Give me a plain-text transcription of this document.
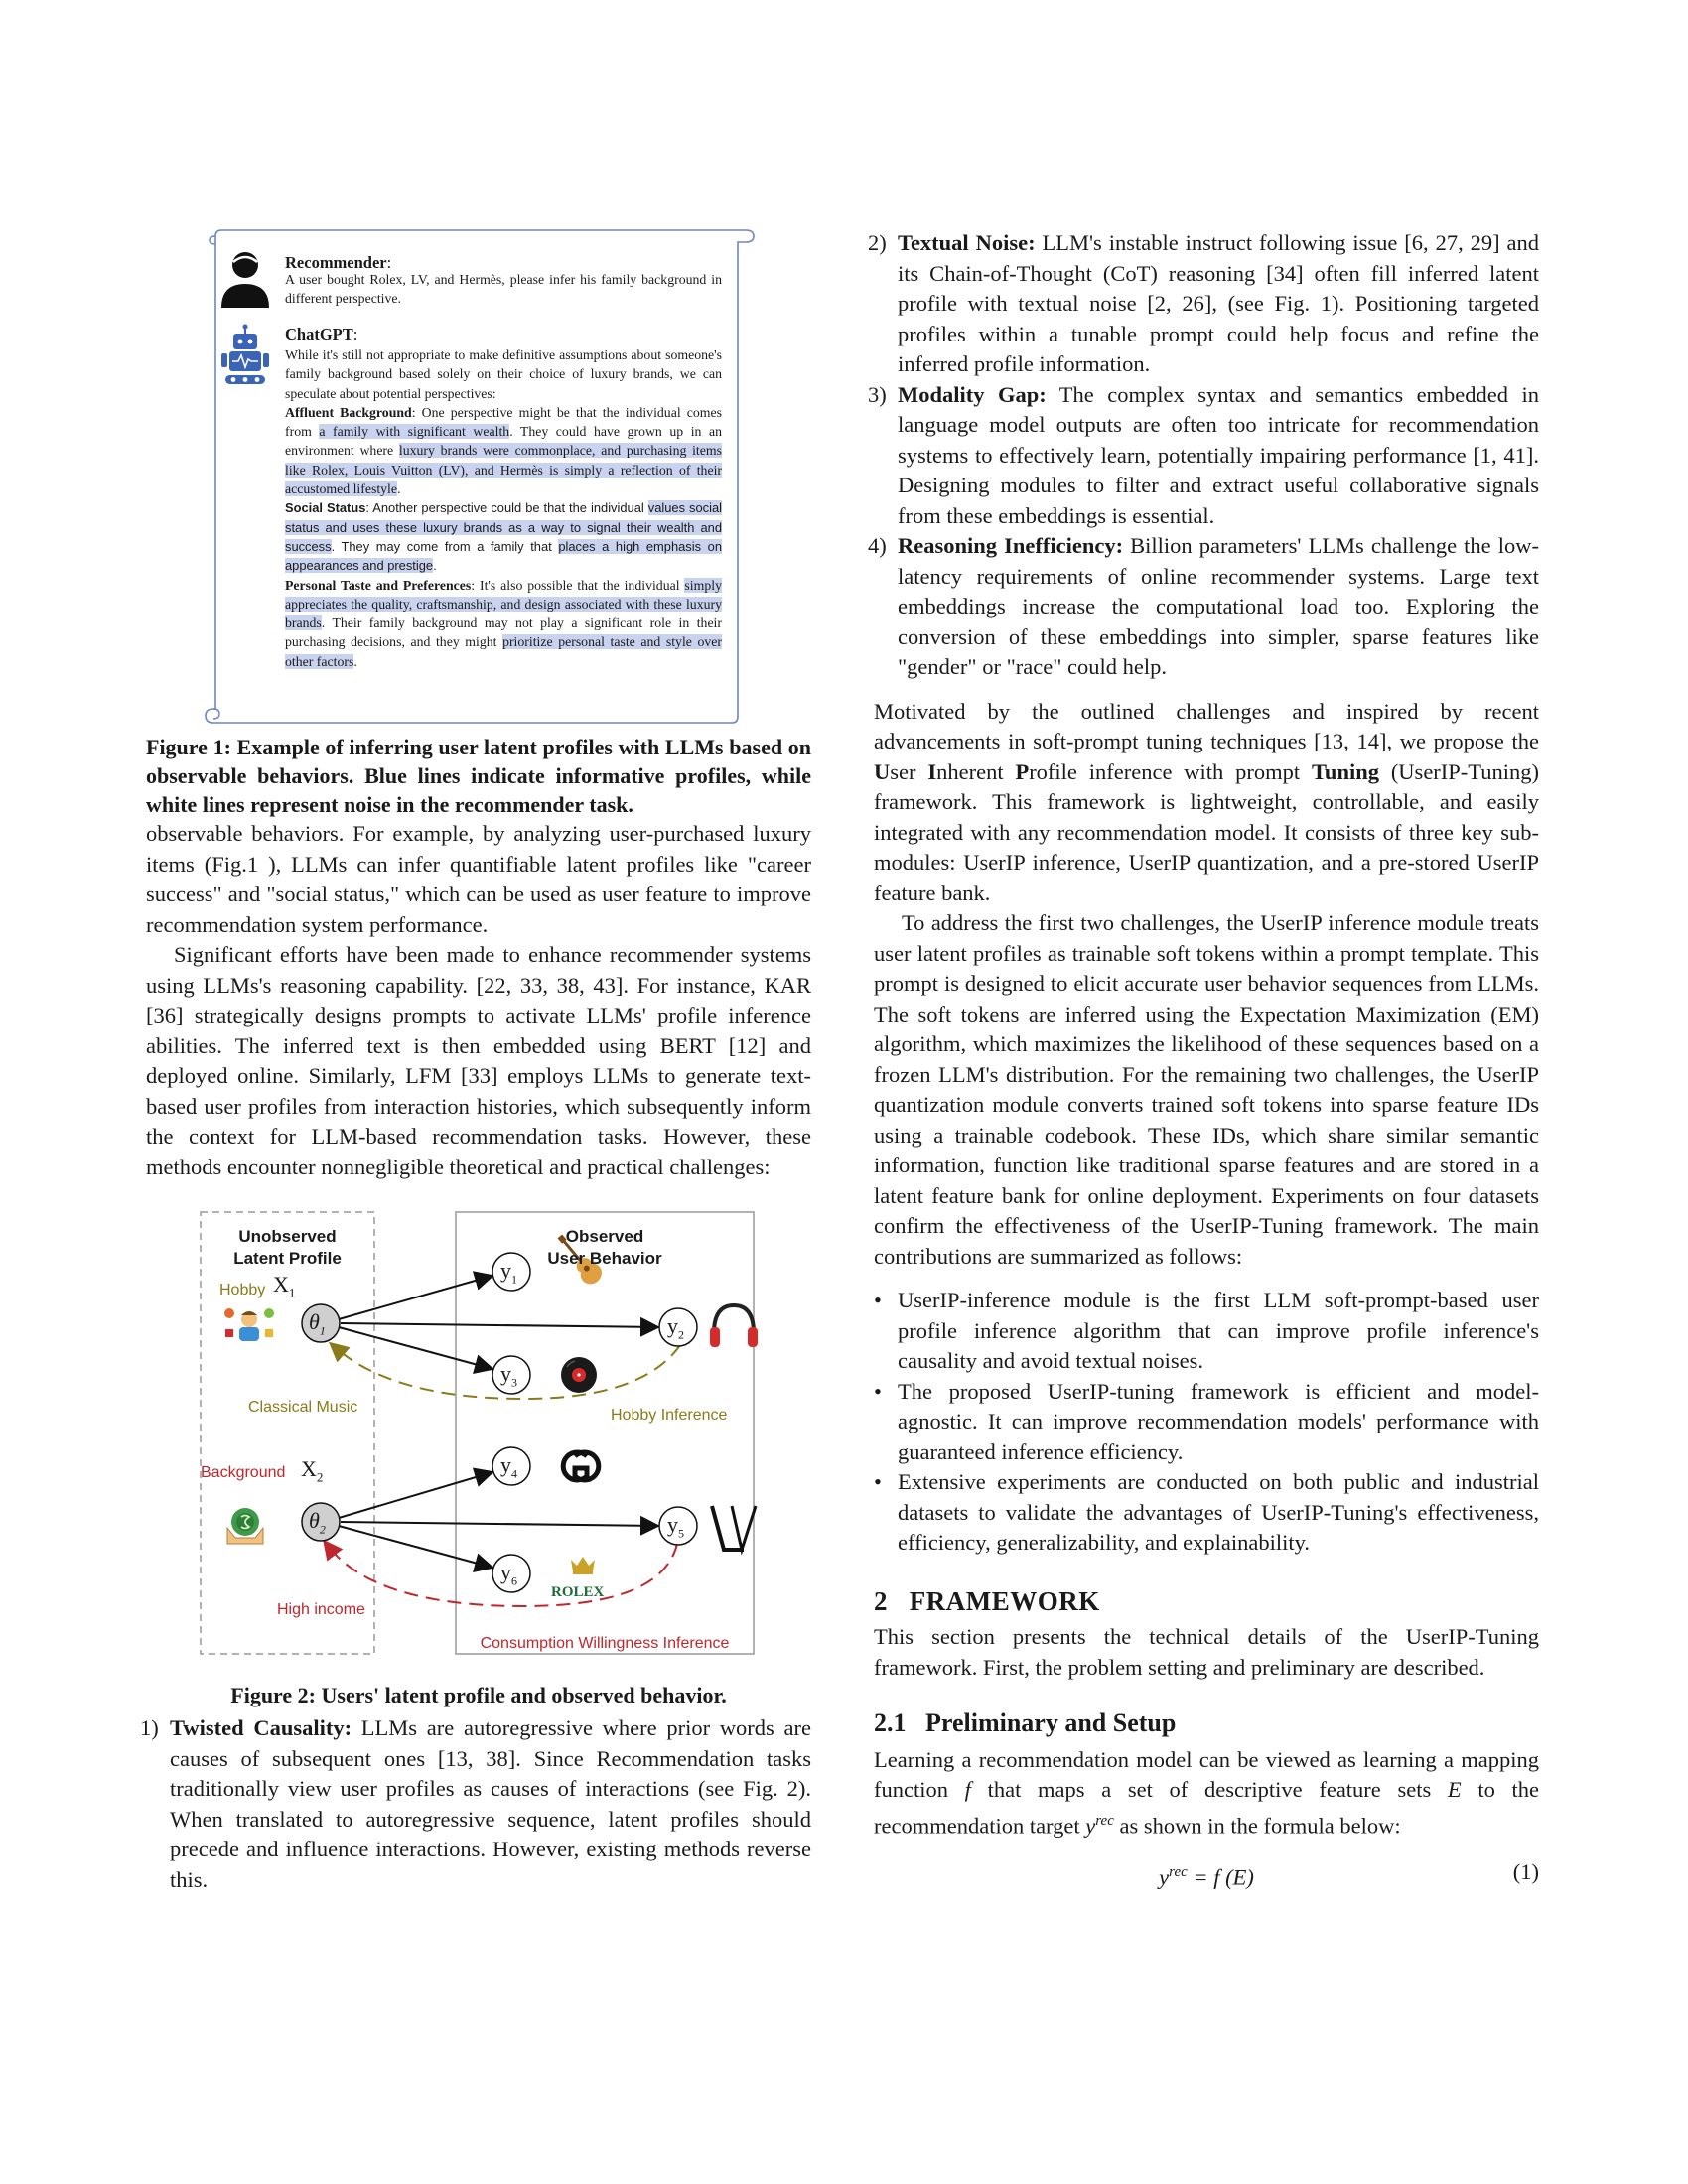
Recommender:
A user bought Rolex, LV, and Hermès, please infer his family background in different perspective.
ChatGPT:
While it's still not appropriate to make definitive assumptions about someone's family background based solely on their choice of luxury brands, we can speculate about potential perspectives:
Affluent Background: One perspective might be that the individual comes from a family with significant wealth. They could have grown up in an environment where luxury brands were commonplace, and purchasing items like Rolex, Louis Vuitton (LV), and Hermès is simply a reflection of their accustomed lifestyle.
Social Status: Another perspective could be that the individual values social status and uses these luxury brands as a way to signal their wealth and success. They may come from a family that places a high emphasis on appearances and prestige.
Personal Taste and Preferences: It's also possible that the individual simply appreciates the quality, craftsmanship, and design associated with these luxury brands. Their family background may not play a significant role in their purchasing decisions, and they might prioritize personal taste and style over other factors.
Figure 1: Example of inferring user latent profiles with LLMs based on observable behaviors. Blue lines indicate informative profiles, while white lines represent noise in the recommender task.

observable behaviors. For example, by analyzing user-purchased luxury items (Fig.1 ), LLMs can infer quantifiable latent profiles like "career success" and "social status," which can be used as user feature to improve recommendation system performance.

Significant efforts have been made to enhance recommender systems using LLMs's reasoning capability. [22, 33, 38, 43]. For instance, KAR [36] strategically designs prompts to activate LLMs' profile inference abilities. The inferred text is then embedded using BERT [12] and deployed online. Similarly, LFM [33] employs LLMs to generate text-based user profiles from interaction histories, which subsequently inform the context for LLM-based recommendation tasks. However, these methods encounter nonnegligible theoretical and practical challenges:

Unobserved
Latent Profile
Observed
User Behavior
Hobby $X_1$
$\theta_1$
Classical Music	Hobby Inference
Background $X_2$
$\theta_2$
High income
Consumption Willingness Inference
ROLEX
$y_1$
$y_2$
$y_3$
$y_4$
$y_5$
$y_6$
Figure 2: Users' latent profile and observed behavior.
1) Twisted Causality: LLMs are autoregressive where prior words are causes of subsequent ones [13, 38]. Since Recommendation tasks traditionally view user profiles as causes of interactions (see Fig. 2). When translated to autoregressive sequence, latent profiles should precede and influence interactions. However, existing methods reverse this.
2) Textual Noise: LLM's instable instruct following issue [6, 27, 29] and its Chain-of-Thought (CoT) reasoning [34] often fill inferred latent profile with textual noise [2, 26], (see Fig. 1). Positioning targeted profiles within a tunable prompt could help focus and refine the inferred profile information.
3) Modality Gap: The complex syntax and semantics embedded in language model outputs are often too intricate for recommendation systems to effectively learn, potentially impairing performance [1, 41]. Designing modules to filter and extract useful collaborative signals from these embeddings is essential.
4) Reasoning Inefficiency: Billion parameters' LLMs challenge the low-latency requirements of online recommender systems. Large text embeddings increase the computational load too. Exploring the conversion of these embeddings into simpler, sparse features like "gender" or "race" could help.

Motivated by the outlined challenges and inspired by recent advancements in soft-prompt tuning techniques [13, 14], we propose the User Inherent Profile inference with prompt Tuning (UserIP-Tuning) framework. This framework is lightweight, controllable, and easily integrated with any recommendation model. It consists of three key sub-modules: UserIP inference, UserIP quantization, and a pre-stored UserIP feature bank.

To address the first two challenges, the UserIP inference module treats user latent profiles as trainable soft tokens within a prompt template. This prompt is designed to elicit accurate user behavior sequences from LLMs. The soft tokens are inferred using the Expectation Maximization (EM) algorithm, which maximizes the likelihood of these sequences based on a frozen LLM's distribution. For the remaining two challenges, the UserIP quantization module converts trained soft tokens into sparse feature IDs using a trainable codebook. These IDs, which share similar semantic information, function like traditional sparse features and are stored in a latent feature bank for online deployment. Experiments on four datasets confirm the effectiveness of the UserIP-Tuning framework. The main contributions are summarized as follows:

• UserIP-inference module is the first LLM soft-prompt-based user profile inference algorithm that can improve profile inference's causality and avoid textual noises.
• The proposed UserIP-tuning framework is efficient and model-agnostic. It can improve recommendation models' performance with guaranteed inference efficiency.
• Extensive experiments are conducted on both public and industrial datasets to validate the advantages of UserIP-Tuning's effectiveness, efficiency, generalizability, and explainability.
2 FRAMEWORK

This section presents the technical details of the UserIP-Tuning framework. First, the problem setting and preliminary are described.

2.1 Preliminary and Setup

Learning a recommendation model can be viewed as learning a mapping function f that maps a set of descriptive feature sets E to the recommendation target $y^{rec}$ as shown in the formula below:

$y^{rec} = f$ (E)	(1)
